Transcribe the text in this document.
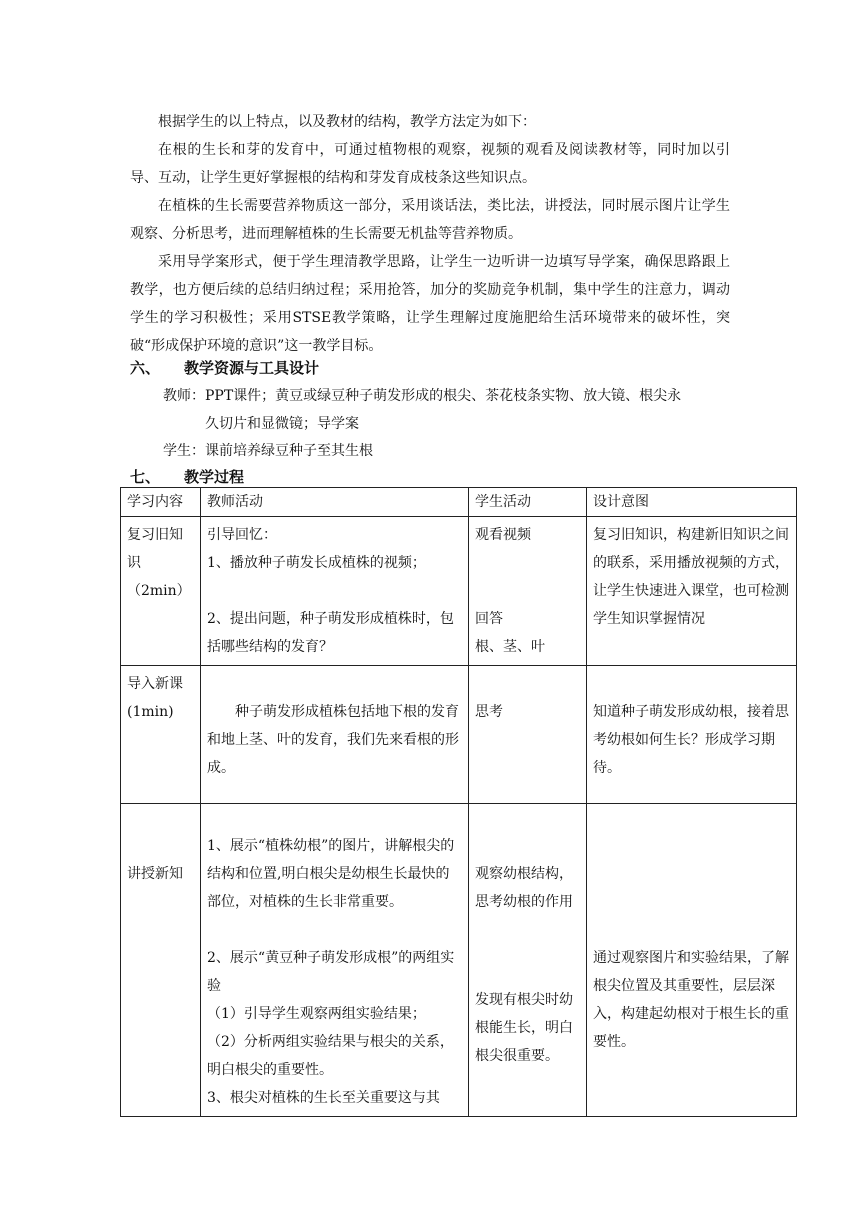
根据学生的以上特点，以及教材的结构，教学方法定为如下：

在根的生长和芽的发育中，可通过植物根的观察，视频的观看及阅读教材等，同时加以引导、互动，让学生更好掌握根的结构和芽发育成枝条这些知识点。

在植株的生长需要营养物质这一部分，采用谈话法，类比法，讲授法，同时展示图片让学生观察、分析思考，进而理解植株的生长需要无机盐等营养物质。

采用导学案形式，便于学生理清教学思路，让学生一边听讲一边填写导学案，确保思路跟上教学，也方便后续的总结归纳过程；采用抢答，加分的奖励竞争机制，集中学生的注意力，调动学生的学习积极性；采用STSE教学策略，让学生理解过度施肥给生活环境带来的破坏性，突破“形成保护环境的意识”这一教学目标。

六、 教学资源与工具设计

教师：PPT课件；黄豆或绿豆种子萌发形成的根尖、茶花枝条实物、放大镜、根尖永

久切片和显微镜；导学案

学生：课前培养绿豆种子至其生根

七、 教学过程
学习内容	教师活动	学生活动	设计意图
复习旧知识（2min）	引导回忆：
1、播放种子萌发长成植株的视频；
2、提出问题，种子萌发形成植株时，包括哪些结构的发育？	观看视频
回答
根、茎、叶	复习旧知识，构建新旧知识之间的联系，采用播放视频的方式，让学生快速进入课堂，也可检测学生知识掌握情况
导入新课(1min)	种子萌发形成植株包括地下根的发育和地上茎、叶的发育，我们先来看根的形成。	思考	知道种子萌发形成幼根，接着思考幼根如何生长？形成学习期待。
讲授新知	1、展示“植株幼根”的图片，讲解根尖的结构和位置,明白根尖是幼根生长最快的部位，对植株的生长非常重要。
2、展示“黄豆种子萌发形成根”的两组实验
（1）引导学生观察两组实验结果；
（2）分析两组实验结果与根尖的关系，明白根尖的重要性。
3、根尖对植株的生长至关重要这与其	观察幼根结构，思考幼根的作用
发现有根尖时幼根能生长，明白根尖很重要。	通过观察图片和实验结果，了解根尖位置及其重要性，层层深入，构建起幼根对于根生长的重要性。
